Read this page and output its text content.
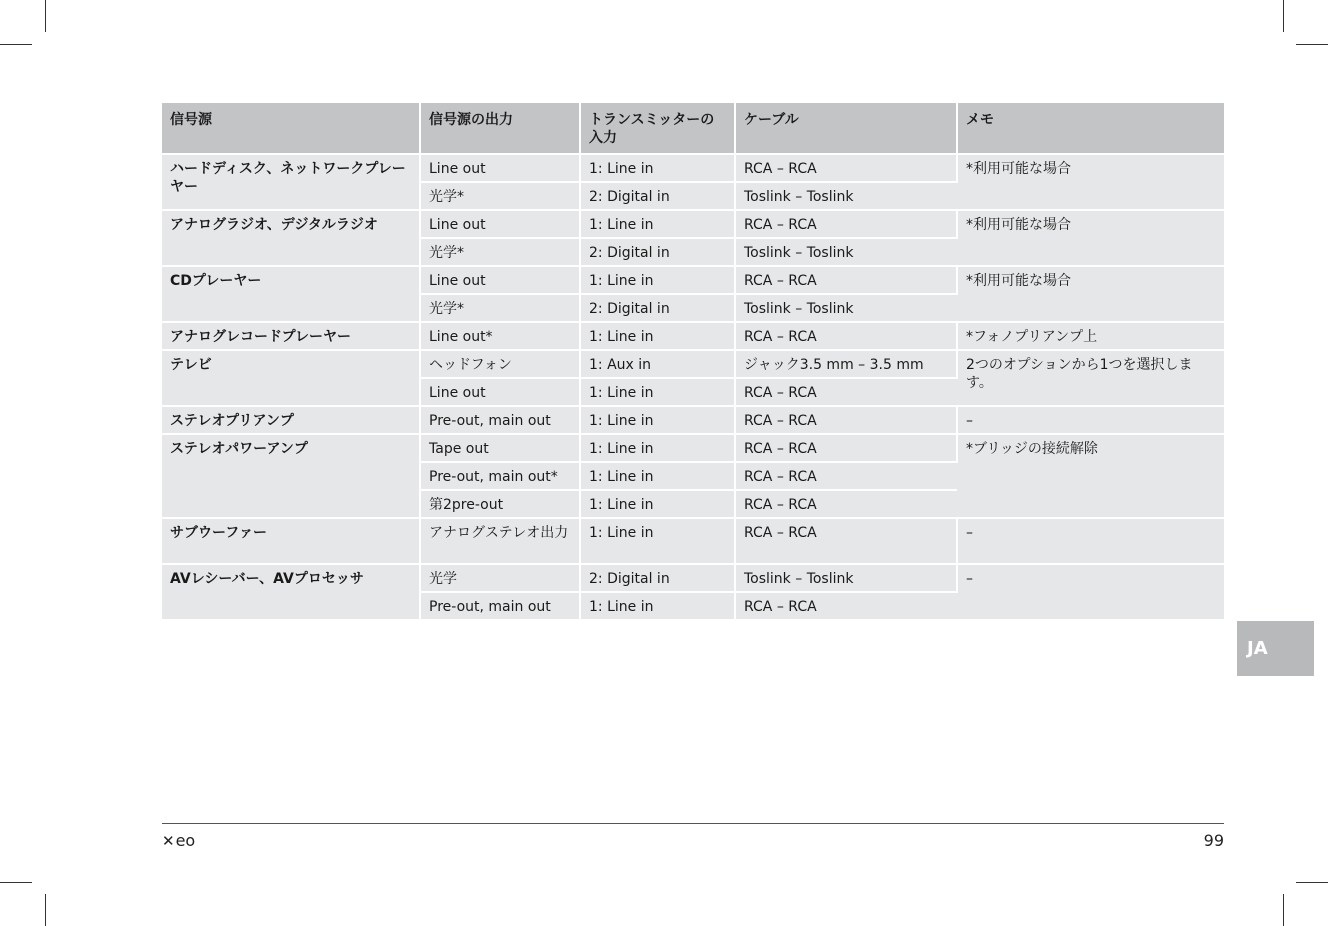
信号源	信号源の出力	トランスミッターの入力	ケーブル	メモ
ハードディスク、ネットワークプレーヤー	Line out	1: Line in	RCA – RCA	*利用可能な場合
	光学*	2: Digital in	Toslink – Toslink	
アナログラジオ、デジタルラジオ	Line out	1: Line in	RCA – RCA	*利用可能な場合
	光学*	2: Digital in	Toslink – Toslink	
CDプレーヤー	Line out	1: Line in	RCA – RCA	*利用可能な場合
	光学*	2: Digital in	Toslink – Toslink	
アナログレコードプレーヤー	Line out*	1: Line in	RCA – RCA	*フォノプリアンプ上
テレビ	ヘッドフォン	1: Aux in	ジャック3.5 mm – 3.5 mm	2つのオプションから1つを選択します。
	Line out	1: Line in	RCA – RCA	
ステレオプリアンプ	Pre-out, main out	1: Line in	RCA – RCA	–
ステレオパワーアンプ	Tape out	1: Line in	RCA – RCA	*ブリッジの接続解除
	Pre-out, main out*	1: Line in	RCA – RCA	
	第2pre-out	1: Line in	RCA – RCA	
サブウーファー	アナログステレオ出力	1: Line in	RCA – RCA	–
AVレシーバー、AVプロセッサ	光学	2: Digital in	Toslink – Toslink	–
	Pre-out, main out	1: Line in	RCA – RCA	
JA
✕ eo	99
